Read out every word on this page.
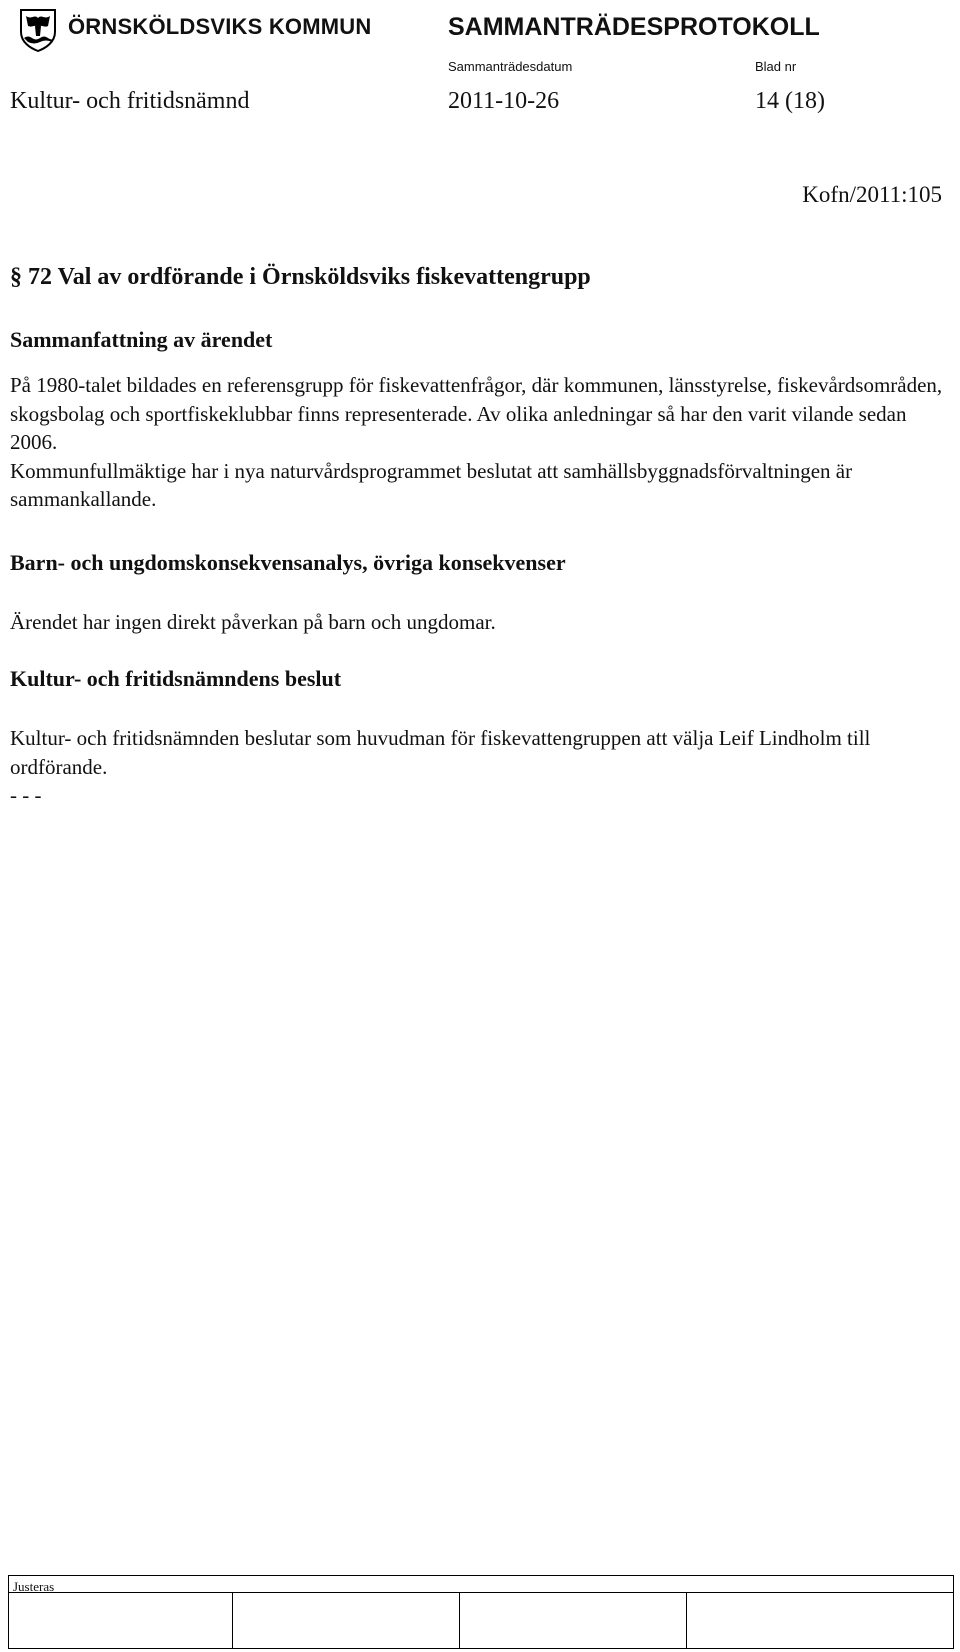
ÖRNSKÖLDSVIKS KOMMUN	SAMMANTRÄDESPROTOKOLL
Sammanträdesdatum	Blad nr
Kultur- och fritidsnämnd	2011-10-26	14 (18)
Kofn/2011:105
§ 72 Val av ordförande i Örnsköldsviks fiskevattengrupp
Sammanfattning av ärendet

På 1980-talet bildades en referensgrupp för fiskevattenfrågor, där kommunen, länsstyrelse, fiskevårdsområden, skogsbolag och sportfiskeklubbar finns representerade. Av olika anledningar så har den varit vilande sedan 2006.

Kommunfullmäktige har i nya naturvårdsprogrammet beslutat att samhällsbyggnadsförvaltningen är sammankallande.

Barn- och ungdomskonsekvensanalys, övriga konsekvenser

Ärendet har ingen direkt påverkan på barn och ungdomar.

Kultur- och fritidsnämndens beslut

Kultur- och fritidsnämnden beslutar som huvudman för fiskevattengruppen att välja Leif Lindholm till ordförande.

- - -

Justeras
